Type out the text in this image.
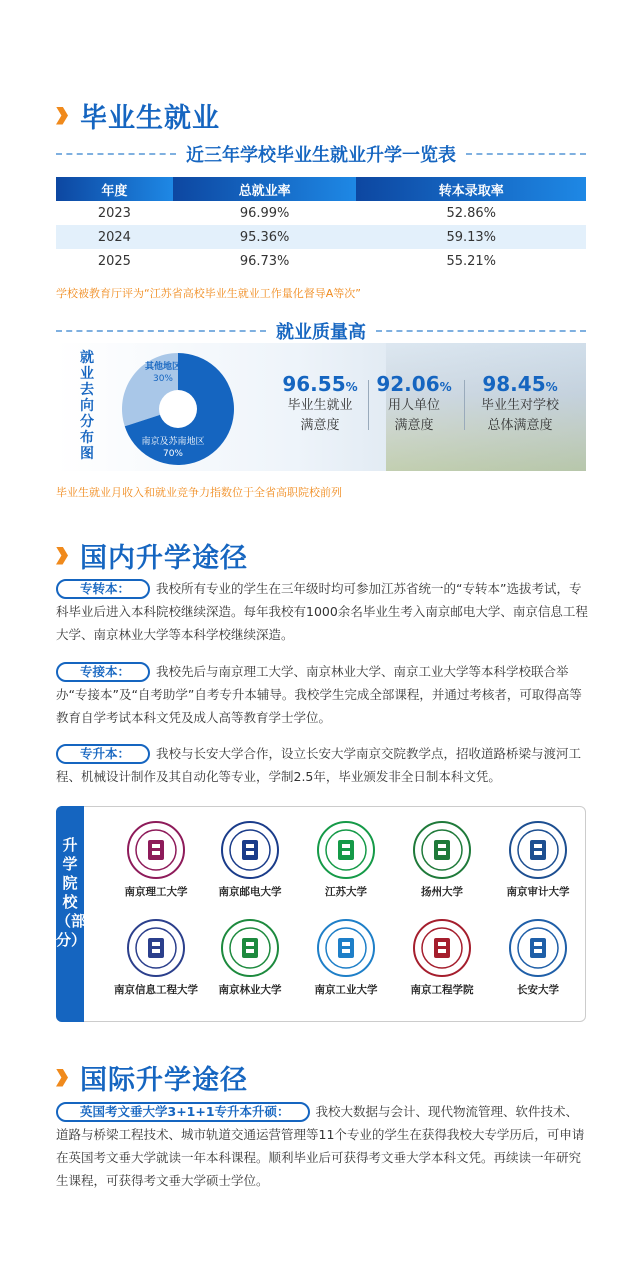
毕业生就业
近三年学校毕业生就业升学一览表
年度	总就业率	转本录取率
2023	96.99%	52.86%
2024	95.36%	59.13%
2025	96.73%	55.21%
学校被教育厅评为“江苏省高校毕业生就业工作量化督导A等次”
就业质量高
就业去向分布图
其他地区
30%
南京及苏南地区
70%
96.55%
毕业生就业
满意度
92.06%
用人单位
满意度
98.45%
毕业生对学校
总体满意度
毕业生就业月收入和就业竞争力指数位于全省高职院校前列
国内升学途径
专转本： 我校所有专业的学生在三年级时均可参加江苏省统一的“专转本”选拔考试，专科毕业后进入本科院校继续深造。每年我校有1000余名毕业生考入南京邮电大学、南京信息工程大学、南京林业大学等本科学校继续深造。
专接本： 我校先后与南京理工大学、南京林业大学、南京工业大学等本科学校联合举办“专接本”及“自考助学”自考专升本辅导。我校学生完成全部课程，并通过考核者，可取得高等教育自学考试本科文凭及成人高等教育学士学位。
专升本： 我校与长安大学合作，设立长安大学南京交院教学点，招收道路桥梁与渡河工程、机械设计制作及其自动化等专业，学制2.5年，毕业颁发非全日制本科文凭。
升学院校（部分）
南京理工大学	南京邮电大学	江苏大学	扬州大学	南京审计大学
南京信息工程大学	南京林业大学	南京工业大学	南京工程学院	长安大学
国际升学途径
英国考文垂大学3+1+1专升本升硕： 我校大数据与会计、现代物流管理、软件技术、道路与桥梁工程技术、城市轨道交通运营管理等11个专业的学生在获得我校大专学历后，可申请在英国考文垂大学就读一年本科课程。顺利毕业后可获得考文垂大学本科文凭。再续读一年研究生课程，可获得考文垂大学硕士学位。
